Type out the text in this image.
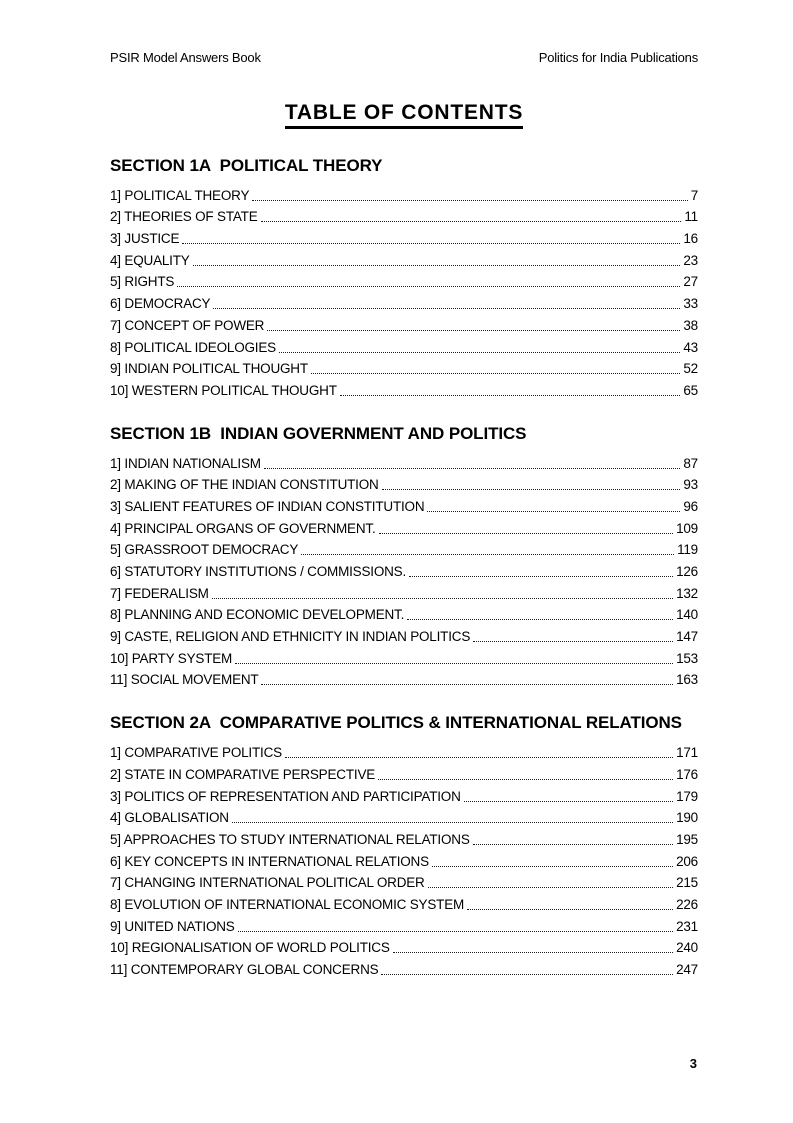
PSIR Model Answers Book	Politics for India Publications
TABLE OF CONTENTS
SECTION 1A  POLITICAL THEORY
1] POLITICAL THEORY	7
2] THEORIES OF STATE	11
3] JUSTICE	16
4] EQUALITY	23
5] RIGHTS	27
6] DEMOCRACY	33
7] CONCEPT OF POWER	38
8] POLITICAL IDEOLOGIES	43
9] INDIAN POLITICAL THOUGHT	52
10] WESTERN POLITICAL THOUGHT	65
SECTION 1B  INDIAN GOVERNMENT AND POLITICS
1] INDIAN NATIONALISM	87
2] MAKING OF THE INDIAN CONSTITUTION	93
3] SALIENT FEATURES OF INDIAN CONSTITUTION	96
4] PRINCIPAL ORGANS OF GOVERNMENT.	109
5] GRASSROOT DEMOCRACY	119
6] STATUTORY INSTITUTIONS / COMMISSIONS.	126
7] FEDERALISM	132
8] PLANNING AND ECONOMIC DEVELOPMENT.	140
9] CASTE, RELIGION AND ETHNICITY IN INDIAN POLITICS	147
10] PARTY SYSTEM	153
11] SOCIAL MOVEMENT	163
SECTION 2A  COMPARATIVE POLITICS & INTERNATIONAL RELATIONS
1] COMPARATIVE POLITICS	171
2] STATE IN COMPARATIVE PERSPECTIVE	176
3] POLITICS OF REPRESENTATION AND PARTICIPATION	179
4] GLOBALISATION	190
5] APPROACHES TO STUDY INTERNATIONAL RELATIONS	195
6] KEY CONCEPTS IN INTERNATIONAL RELATIONS	206
7] CHANGING INTERNATIONAL POLITICAL ORDER	215
8] EVOLUTION OF INTERNATIONAL ECONOMIC SYSTEM	226
9] UNITED NATIONS	231
10] REGIONALISATION OF WORLD POLITICS	240
11] CONTEMPORARY GLOBAL CONCERNS	247
3
